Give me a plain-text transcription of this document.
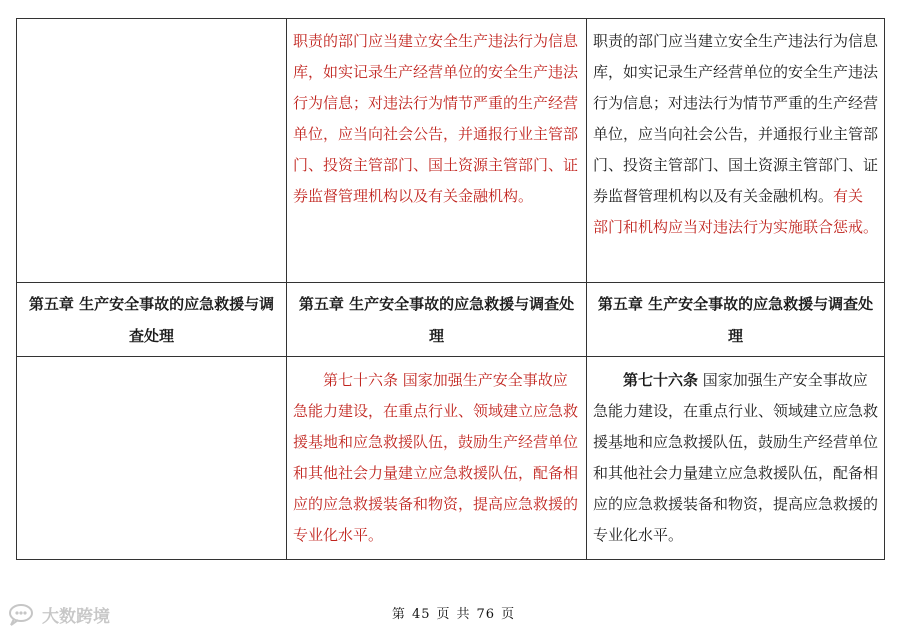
	职责的部门应当建立安全生产违法行为信息库，如实记录生产经营单位的安全生产违法行为信息；对违法行为情节严重的生产经营单位，应当向社会公告，并通报行业主管部门、投资主管部门、国土资源主管部门、证券监督管理机构以及有关金融机构。	职责的部门应当建立安全生产违法行为信息库，如实记录生产经营单位的安全生产违法行为信息；对违法行为情节严重的生产经营单位，应当向社会公告，并通报行业主管部门、投资主管部门、国土资源主管部门、证券监督管理机构以及有关金融机构。有关部门和机构应当对违法行为实施联合惩戒。
第五章 生产安全事故的应急救援与调查处理	第五章 生产安全事故的应急救援与调查处理	第五章 生产安全事故的应急救援与调查处理
	第七十六条 国家加强生产安全事故应急能力建设，在重点行业、领域建立应急救援基地和应急救援队伍，鼓励生产经营单位和其他社会力量建立应急救援队伍，配备相应的应急救援装备和物资，提高应急救援的专业化水平。	第七十六条 国家加强生产安全事故应急能力建设，在重点行业、领域建立应急救援基地和应急救援队伍，鼓励生产经营单位和其他社会力量建立应急救援队伍，配备相应的应急救援装备和物资，提高应急救援的专业化水平。
大数跨境	第 45 页 共 76 页
